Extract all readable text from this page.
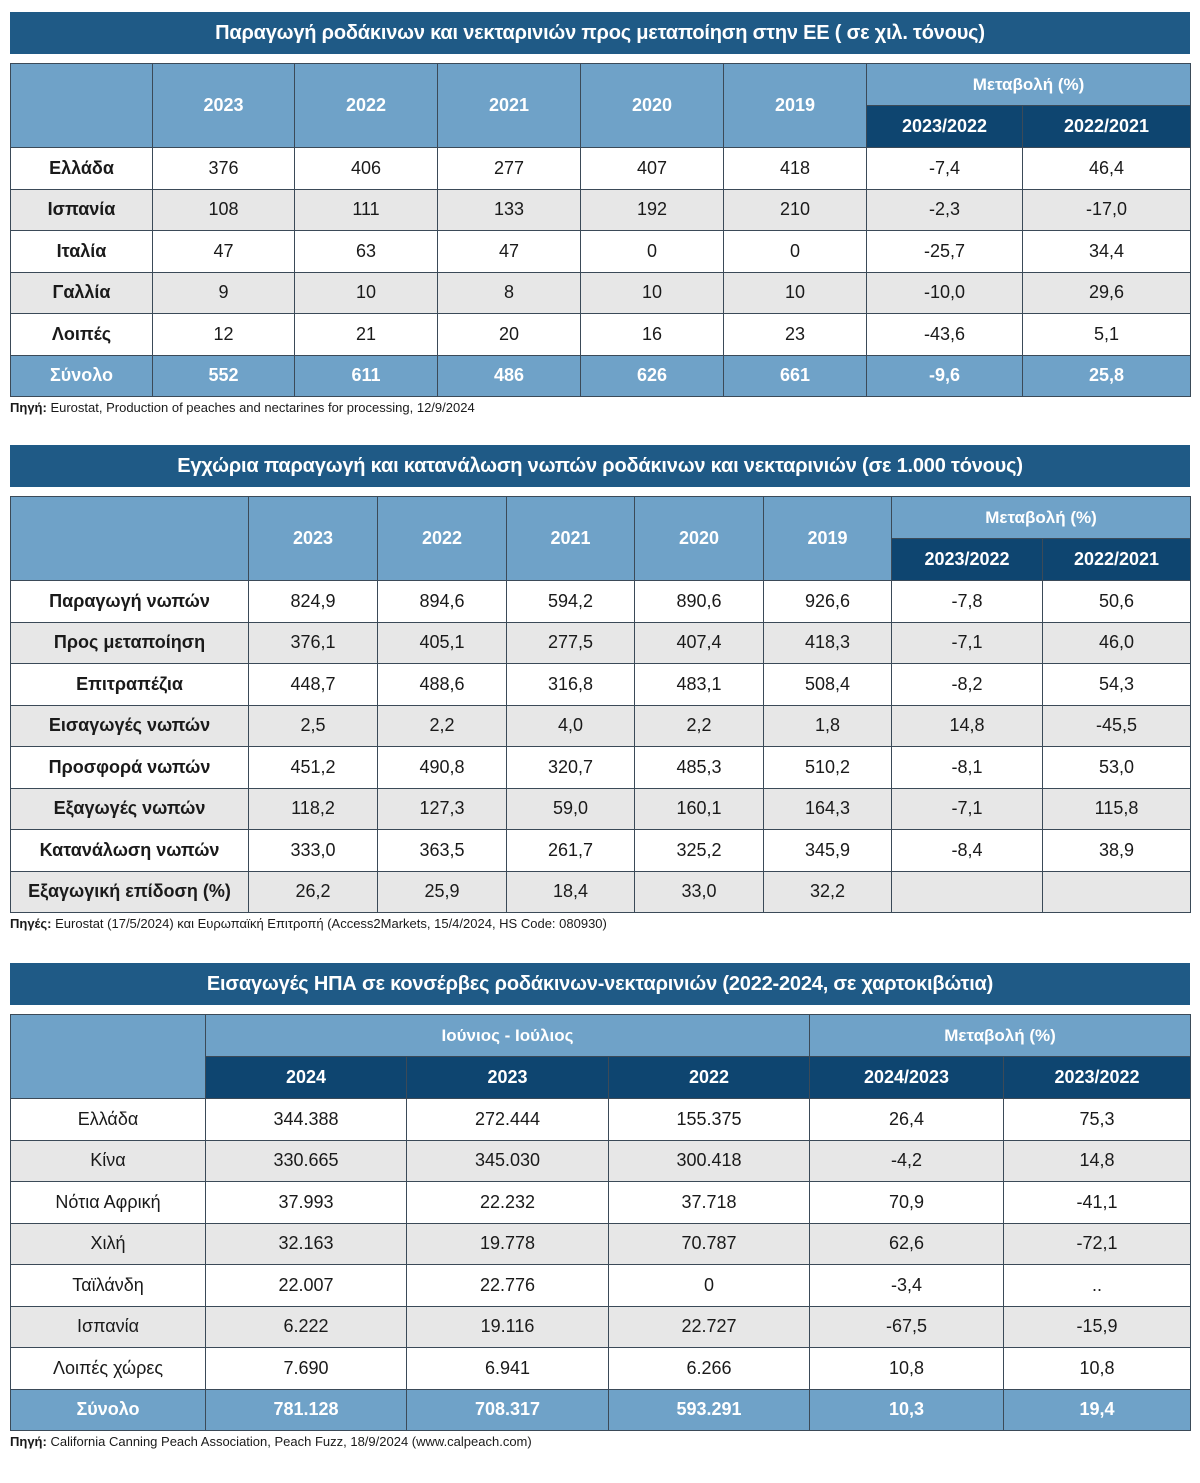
Παραγωγή ροδάκινων και νεκταρινιών προς μεταποίηση στην ΕΕ ( σε χιλ. τόνους)
	2023	2022	2021	2020	2019	Μεταβολή (%)	
						2023/2022	2022/2021
Ελλάδα	376	406	277	407	418	-7,4	46,4
Ισπανία	108	111	133	192	210	-2,3	-17,0
Ιταλία	47	63	47	0	0	-25,7	34,4
Γαλλία	9	10	8	10	10	-10,0	29,6
Λοιπές	12	21	20	16	23	-43,6	5,1
Σύνολο	552	611	486	626	661	-9,6	25,8
Πηγή: Eurostat, Production of peaches and nectarines for processing, 12/9/2024
Εγχώρια παραγωγή και κατανάλωση νωπών ροδάκινων και νεκταρινιών (σε 1.000 τόνους)
	2023	2022	2021	2020	2019	Μεταβολή (%)	
						2023/2022	2022/2021
Παραγωγή νωπών	824,9	894,6	594,2	890,6	926,6	-7,8	50,6
Προς μεταποίηση	376,1	405,1	277,5	407,4	418,3	-7,1	46,0
Επιτραπέζια	448,7	488,6	316,8	483,1	508,4	-8,2	54,3
Εισαγωγές νωπών	2,5	2,2	4,0	2,2	1,8	14,8	-45,5
Προσφορά νωπών	451,2	490,8	320,7	485,3	510,2	-8,1	53,0
Εξαγωγές νωπών	118,2	127,3	59,0	160,1	164,3	-7,1	115,8
Κατανάλωση νωπών	333,0	363,5	261,7	325,2	345,9	-8,4	38,9
Εξαγωγική επίδοση (%)	26,2	25,9	18,4	33,0	32,2		
Πηγές: Eurostat (17/5/2024) και Ευρωπαϊκή Επιτροπή (Access2Markets, 15/4/2024, HS Code: 080930)
Εισαγωγές ΗΠΑ σε κονσέρβες ροδάκινων-νεκταρινιών (2022-2024, σε χαρτοκιβώτια)
	Ιούνιος - Ιούλιος			Μεταβολή (%)	
	2024	2023	2022	2024/2023	2023/2022
Ελλάδα	344.388	272.444	155.375	26,4	75,3
Κίνα	330.665	345.030	300.418	-4,2	14,8
Νότια Αφρική	37.993	22.232	37.718	70,9	-41,1
Χιλή	32.163	19.778	70.787	62,6	-72,1
Ταϊλάνδη	22.007	22.776	0	-3,4	..
Ισπανία	6.222	19.116	22.727	-67,5	-15,9
Λοιπές χώρες	7.690	6.941	6.266	10,8	10,8
Σύνολο	781.128	708.317	593.291	10,3	19,4
Πηγή: California Canning Peach Association, Peach Fuzz, 18/9/2024 (www.calpeach.com)
